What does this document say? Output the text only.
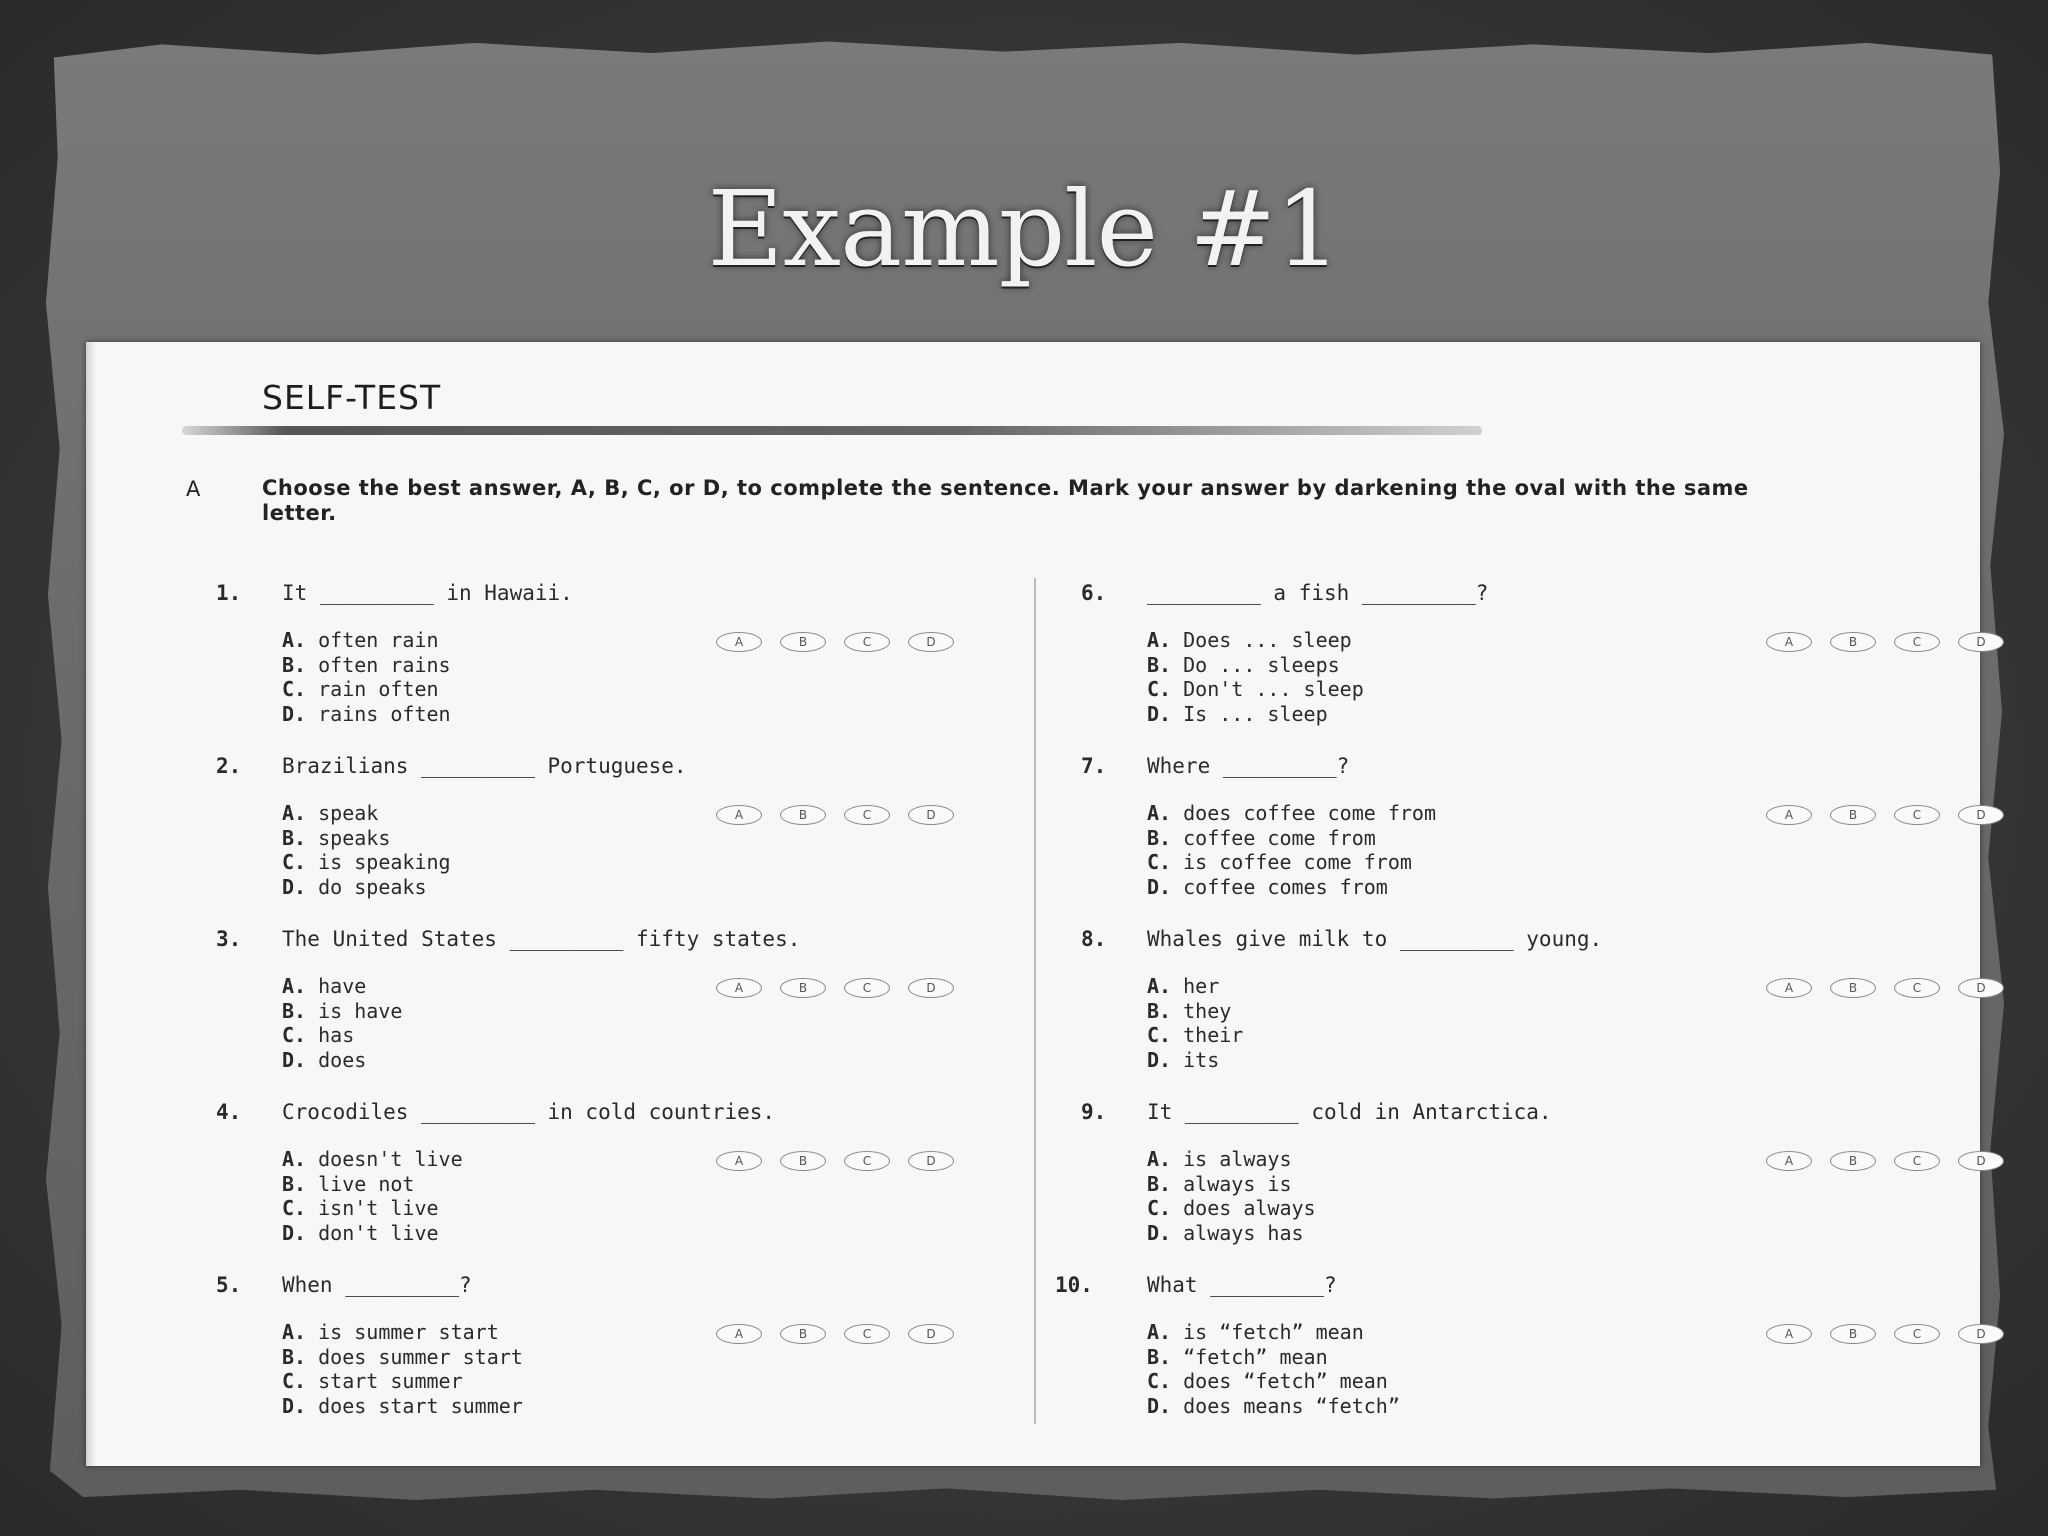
Example #1
SELF-TEST
A	Choose the best answer, A, B, C, or D, to complete the sentence. Mark your answer by darkening the oval with the same letter.
1. It _________ in Hawaii.
A. often rain
B. often rains
C. rain often
D. rains often
A	B	C	D
2. Brazilians _________ Portuguese.
A. speak
B. speaks
C. is speaking
D. do speaks
A	B	C	D
3. The United States _________ fifty states.
A. have
B. is have
C. has
D. does
A	B	C	D
4. Crocodiles _________ in cold countries.
A. doesn't live
B. live not
C. isn't live
D. don't live
A	B	C	D
5. When _________?
A. is summer start
B. does summer start
C. start summer
D. does start summer
A	B	C	D
6. _________ a fish _________?
A. Does ... sleep
B. Do ... sleeps
C. Don't ... sleep
D. Is ... sleep
A	B	C	D
7. Where _________?
A. does coffee come from
B. coffee come from
C. is coffee come from
D. coffee comes from
A	B	C	D
8. Whales give milk to _________ young.
A. her
B. they
C. their
D. its
A	B	C	D
9. It _________ cold in Antarctica.
A. is always
B. always is
C. does always
D. always has
A	B	C	D
10.	What _________?
A. is “fetch” mean
B. “fetch” mean
C. does “fetch” mean
D. does means “fetch”
A	B	C	D
